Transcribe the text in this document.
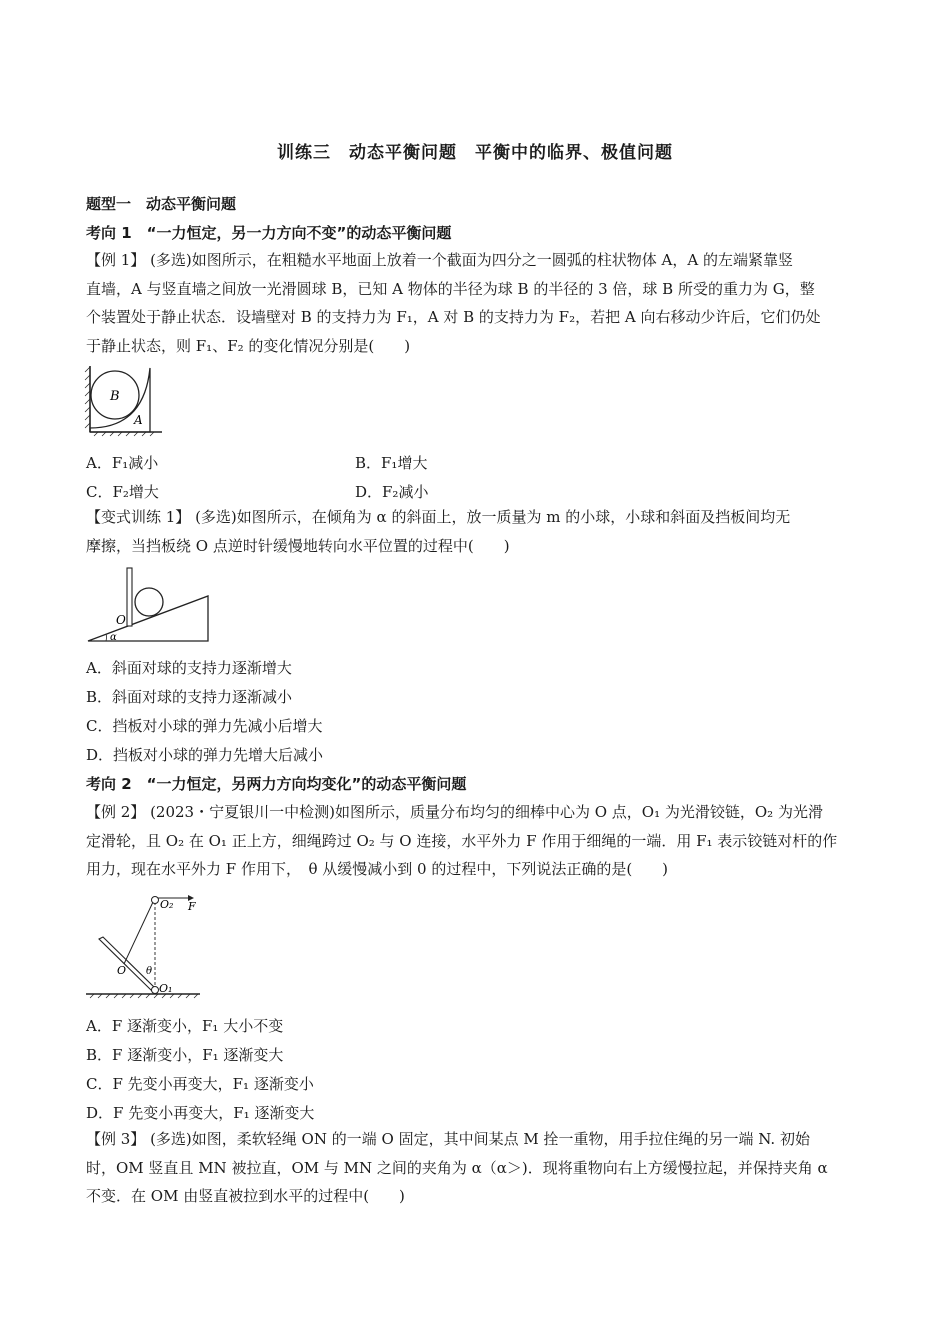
训练三　动态平衡问题　平衡中的临界、极值问题
题型一　动态平衡问题
考向 1　“一力恒定，另一力方向不变”的动态平衡问题
【例 1】 (多选)如图所示，在粗糙水平地面上放着一个截面为四分之一圆弧的柱状物体 A，A 的左端紧靠竖
直墙，A 与竖直墙之间放一光滑圆球 B，已知 A 物体的半径为球 B 的半径的 3 倍，球 B 所受的重力为 G，整
个装置处于静止状态．设墙壁对 B 的支持力为 F₁，A 对 B 的支持力为 F₂，若把 A 向右移动少许后，它们仍处
于静止状态，则 F₁、F₂ 的变化情况分别是(　　)
B
A
A．F₁减小	B．F₁增大
C．F₂增大	D．F₂减小
【变式训练 1】 (多选)如图所示，在倾角为 α 的斜面上，放一质量为 m 的小球，小球和斜面及挡板间均无
摩擦，当挡板绕 O 点逆时针缓慢地转向水平位置的过程中(　　)
O
α
A．斜面对球的支持力逐渐增大
B．斜面对球的支持力逐渐减小
C．挡板对小球的弹力先减小后增大
D．挡板对小球的弹力先增大后减小
考向 2　“一力恒定，另两力方向均变化”的动态平衡问题
【例 2】 (2023・宁夏银川一中检测)如图所示，质量分布均匀的细棒中心为 O 点，O₁ 为光滑铰链，O₂ 为光滑
定滑轮，且 O₂ 在 O₁ 正上方，细绳跨过 O₂ 与 O 连接，水平外力 F 作用于细绳的一端．用 F₁ 表示铰链对杆的作
用力，现在水平外力 F 作用下，　θ 从缓慢减小到 0 的过程中，下列说法正确的是(　　)
O₂ F
O θ
O₁
A．F 逐渐变小，F₁ 大小不变
B．F 逐渐变小，F₁ 逐渐变大
C．F 先变小再变大，F₁ 逐渐变小
D．F 先变小再变大，F₁ 逐渐变大
【例 3】 (多选)如图，柔软轻绳 ON 的一端 O 固定，其中间某点 M 拴一重物，用手拉住绳的另一端 N. 初始
时，OM 竖直且 MN 被拉直，OM 与 MN 之间的夹角为 α（α＞)．现将重物向右上方缓慢拉起，并保持夹角 α
不变．在 OM 由竖直被拉到水平的过程中(　　)
